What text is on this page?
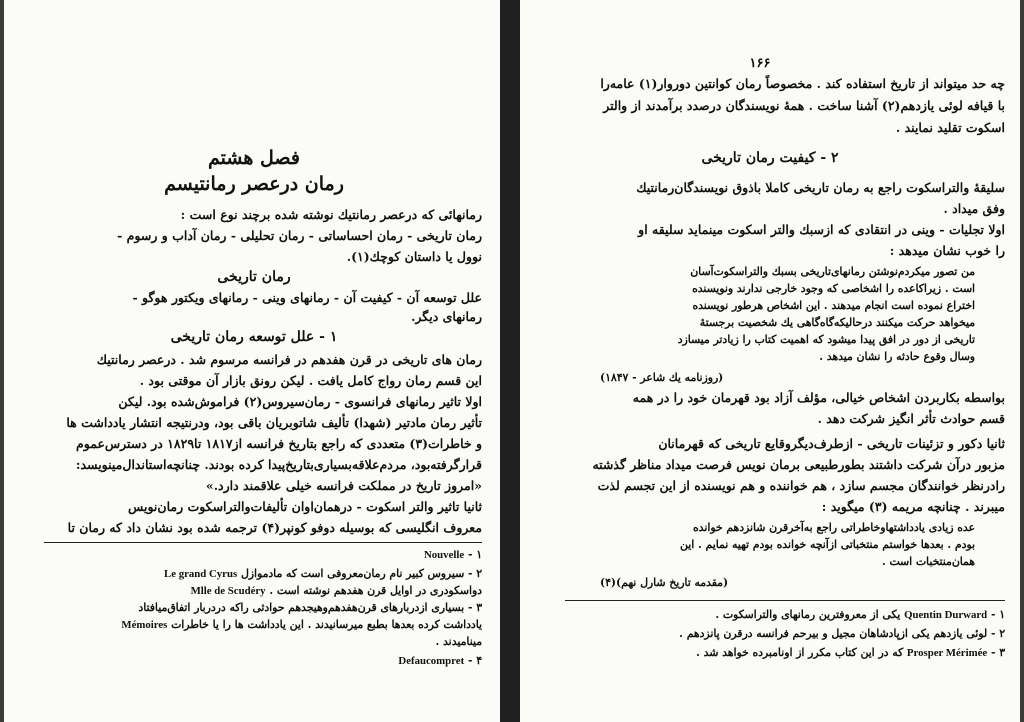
فصل هشتم
رمان درعصر رمانتیسم
رمانهائی که درعصر رمانتیك نوشته شده برچند نوع است :
رمان تاریخی - رمان احساساتی - رمان تحلیلی - رمان آداب و رسوم -
نوول یا داستان کوچك(۱).
رمان تاریخی
علل توسعه آن - کیفیت آن - رمانهای وینی - رمانهای ویکتور هوگو -
رمانهای دیگر.
۱ - علل توسعه رمان تاریخی
رمان های تاریخی در قرن هفدهم در فرانسه مرسوم شد . درعصر رمانتیك
این قسم رمان رواج کامل یافت . لیکن رونق بازار آن موقتی بود .
اولا تاثیر رمانهای فرانسوی - رمان‌سیروس(۲) فراموش‌شده بود. لیکن
تأثیر رمان مادتیر (شهدا) تألیف شاتوبریان باقی بود، ودرنتیجه انتشار یادداشت ها
و خاطرات(۳) متعددی که راجع بتاریخ فرانسه از۱۸۱۷ تا۱۸۲۹ در دسترس‌عموم
قرارگرفته‌بود، مردم‌علاقه‌بسیاری‌بتاریخ‌پیدا کرده بودند. چنانچه‌استاندال‌مینویسد:
«امروز تاریخ در مملکت فرانسه خیلی علاقمند دارد.»
ثانیا تاثیر والتر اسکوت - درهمان‌اوان تألیفات‌والتراسکوت رمان‌نویس
معروف انگلیسی که بوسیله دوفو کونپر(۴) ترجمه شده بود نشان داد که رمان تا
۱ - Nouvelle
۲ - سیروس کبیر نام رمان‌معروفی است که مادموازل Le grand Cyrus
دواسکودری در اوایل قرن هفدهم نوشته است . Mlle de Scudéry
۳ - بسیاری ازدربارهای قرن‌هفدهم‌وهیجدهم حوادثی راکه دردربار اتفاق‌میافتاد
یادداشت کرده بعدها بطبع میرسانیدند . این یادداشت ها را یا خاطرات Mémoires
مینامیدند .
۴ - Defaucompret
۱۶۶
چه حد میتواند از تاریخ استفاده کند . مخصوصاً رمان کوانتین دوروار(۱) عامه‌را
با قیافه لوئی یازدهم(۲) آشنا ساخت . همهٔ نویسندگان درصدد برآمدند از والتر
اسکوت تقلید نمایند .
۲ - کیفیت رمان تاریخی
سلیقهٔ والتراسکوت راجع به رمان تاریخی کاملا باذوق نویسندگان‌رمانتیك
وفق میداد .
اولا تجلیات - وینی در انتقادی که ازسبك والتر اسکوت مینماید سلیقه او
را خوب نشان میدهد :
من تصور میکردم‌نوشتن رمانهای‌تاریخی بسبك والتراسکوت‌آسان
است . زیراکاعده را اشخاصی که وجود خارجی ندارند ونویسنده
اختراع نموده است انجام میدهند . این اشخاص هرطور نویسنده
میخواهد حرکت میکنند درحالیکه‌گاه‌گاهی یك شخصیت برجستهٔ
تاریخی از دور در افق پیدا میشود که اهمیت کتاب را زیادتر میسازد
وسال وقوع حادثه را نشان میدهد .
(روزنامه یك شاعر - ۱۸۴۷)
بواسطه بکاربردن اشخاص خیالی، مؤلف آزاد بود قهرمان خود را در همه
قسم حوادث تأثر انگیز شرکت دهد .
ثانیا دکور و تزئینات تاریخی - ازطرف‌دیگروقایع تاریخی که قهرمانان
مزبور درآن شرکت داشتند بطورطبیعی برمان نویس فرصت میداد مناظر گذشته
رادرنظر خوانندگان مجسم سازد ، هم خواننده و هم نویسنده از این تجسم لذت
میبرند . چنانچه مریمه (۳) میگوید :
عده زیادی یادداشتها‌وخاطراتی راجع به‌آخرقرن شانزدهم خوانده
بودم . بعدها خواستم منتخباتی ازآنچه خوانده بودم تهیه نمایم . این
همان‌منتخبات است .
(مقدمه تاریخ شارل نهم)(۴)
۱ - Quentin Durward یکی از معروفترین رمانهای والتراسکوت .
۲ - لوئی یازدهم یکی ازپادشاهان مجیل و بیرحم فرانسه درقرن پانزدهم .
۳ - Prosper Mérimée که در این کتاب مکرر از اونامبرده خواهد شد .
